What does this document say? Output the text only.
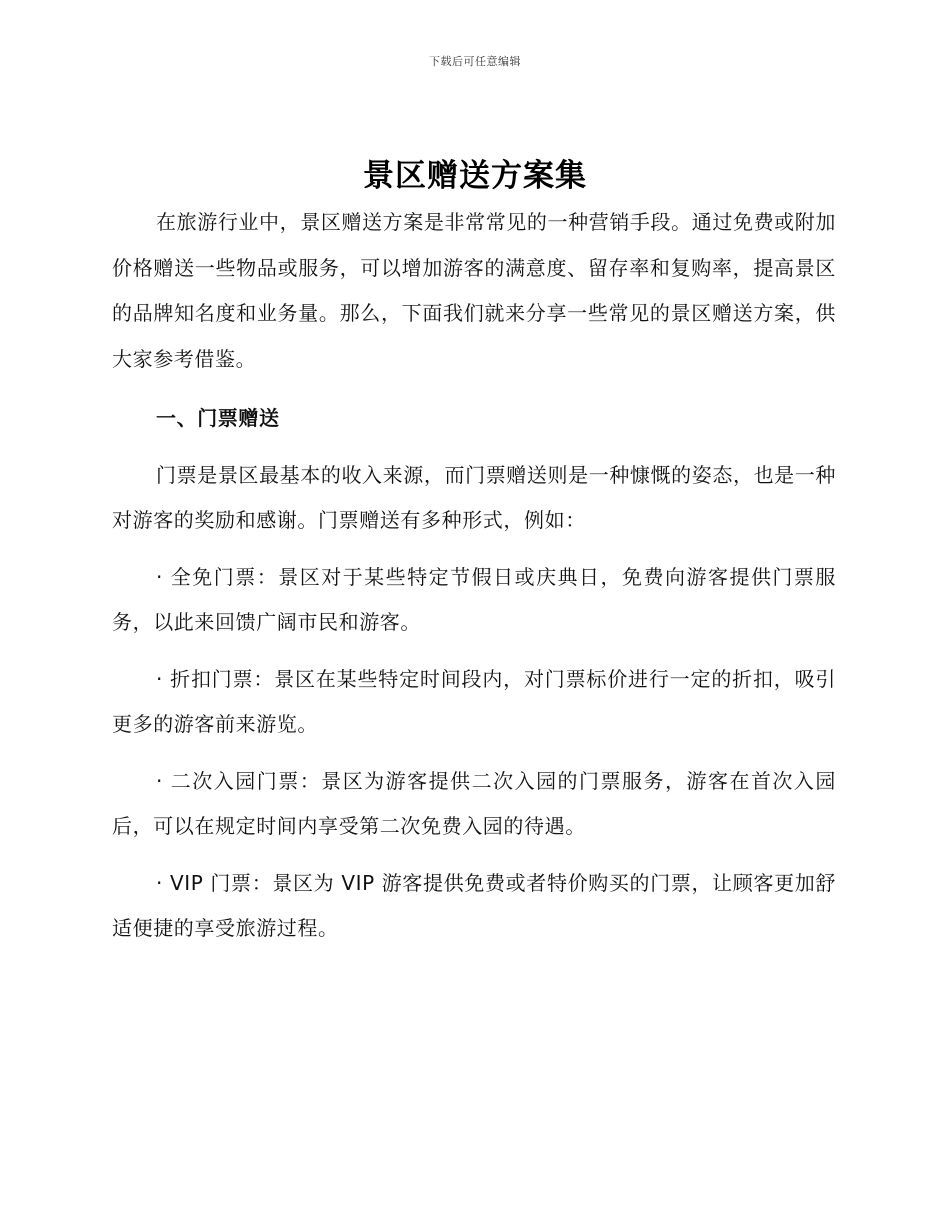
下载后可任意编辑
景区赠送方案集

在旅游行业中，景区赠送方案是非常常见的一种营销手段。通过免费或附加价格赠送一些物品或服务，可以增加游客的满意度、留存率和复购率，提高景区的品牌知名度和业务量。那么，下面我们就来分享一些常见的景区赠送方案，供大家参考借鉴。

一、门票赠送

门票是景区最基本的收入来源，而门票赠送则是一种慷慨的姿态，也是一种对游客的奖励和感谢。门票赠送有多种形式，例如：

· 全免门票：景区对于某些特定节假日或庆典日，免费向游客提供门票服务，以此来回馈广阔市民和游客。

· 折扣门票：景区在某些特定时间段内，对门票标价进行一定的折扣，吸引更多的游客前来游览。

· 二次入园门票：景区为游客提供二次入园的门票服务，游客在首次入园后，可以在规定时间内享受第二次免费入园的待遇。

· VIP 门票：景区为 VIP 游客提供免费或者特价购买的门票，让顾客更加舒适便捷的享受旅游过程。
